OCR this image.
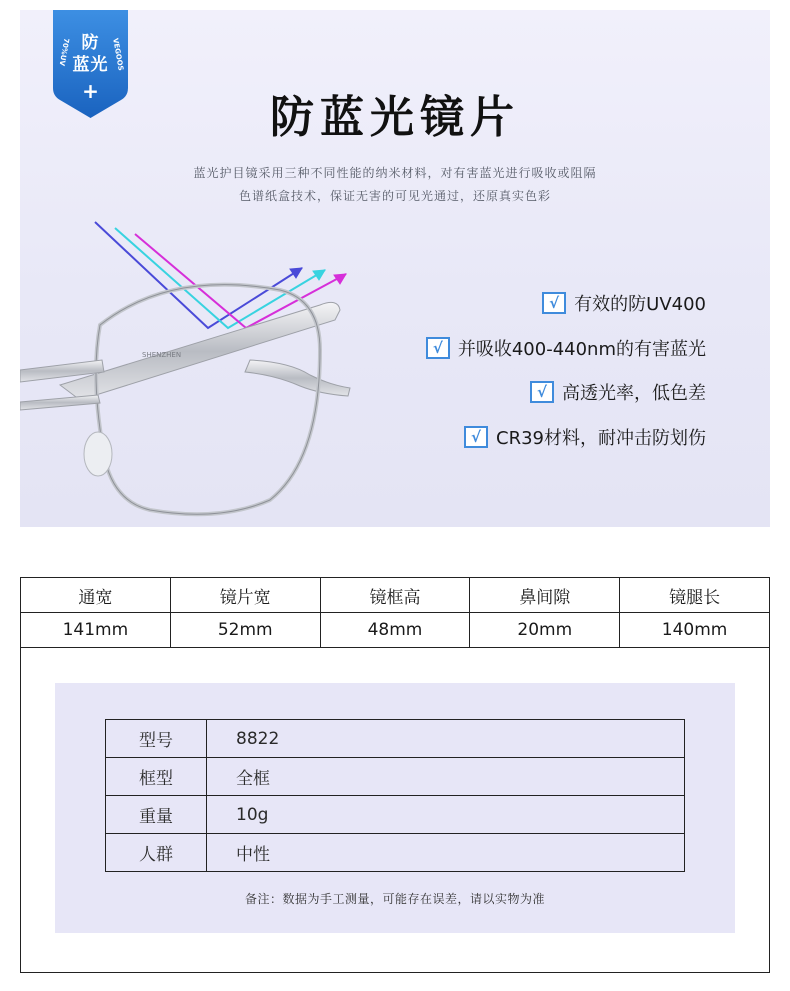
70%UV	VEGOOS
防
蓝光
+
防蓝光镜片
蓝光护目镜采用三种不同性能的纳米材料，对有害蓝光进行吸收或阻隔
色谱纸盒技术，保证无害的可见光通过，还原真实色彩
SHENZHEN
√ 有效的防UV400
√ 并吸收400-440nm的有害蓝光
√ 高透光率，低色差
√ CR39材料，耐冲击防划伤
通宽	镜片宽	镜框高	鼻间隙	镜腿长
141mm	52mm	48mm	20mm	140mm
型号	8822
框型	全框
重量	10g
人群	中性
备注：数据为手工测量，可能存在误差，请以实物为准
